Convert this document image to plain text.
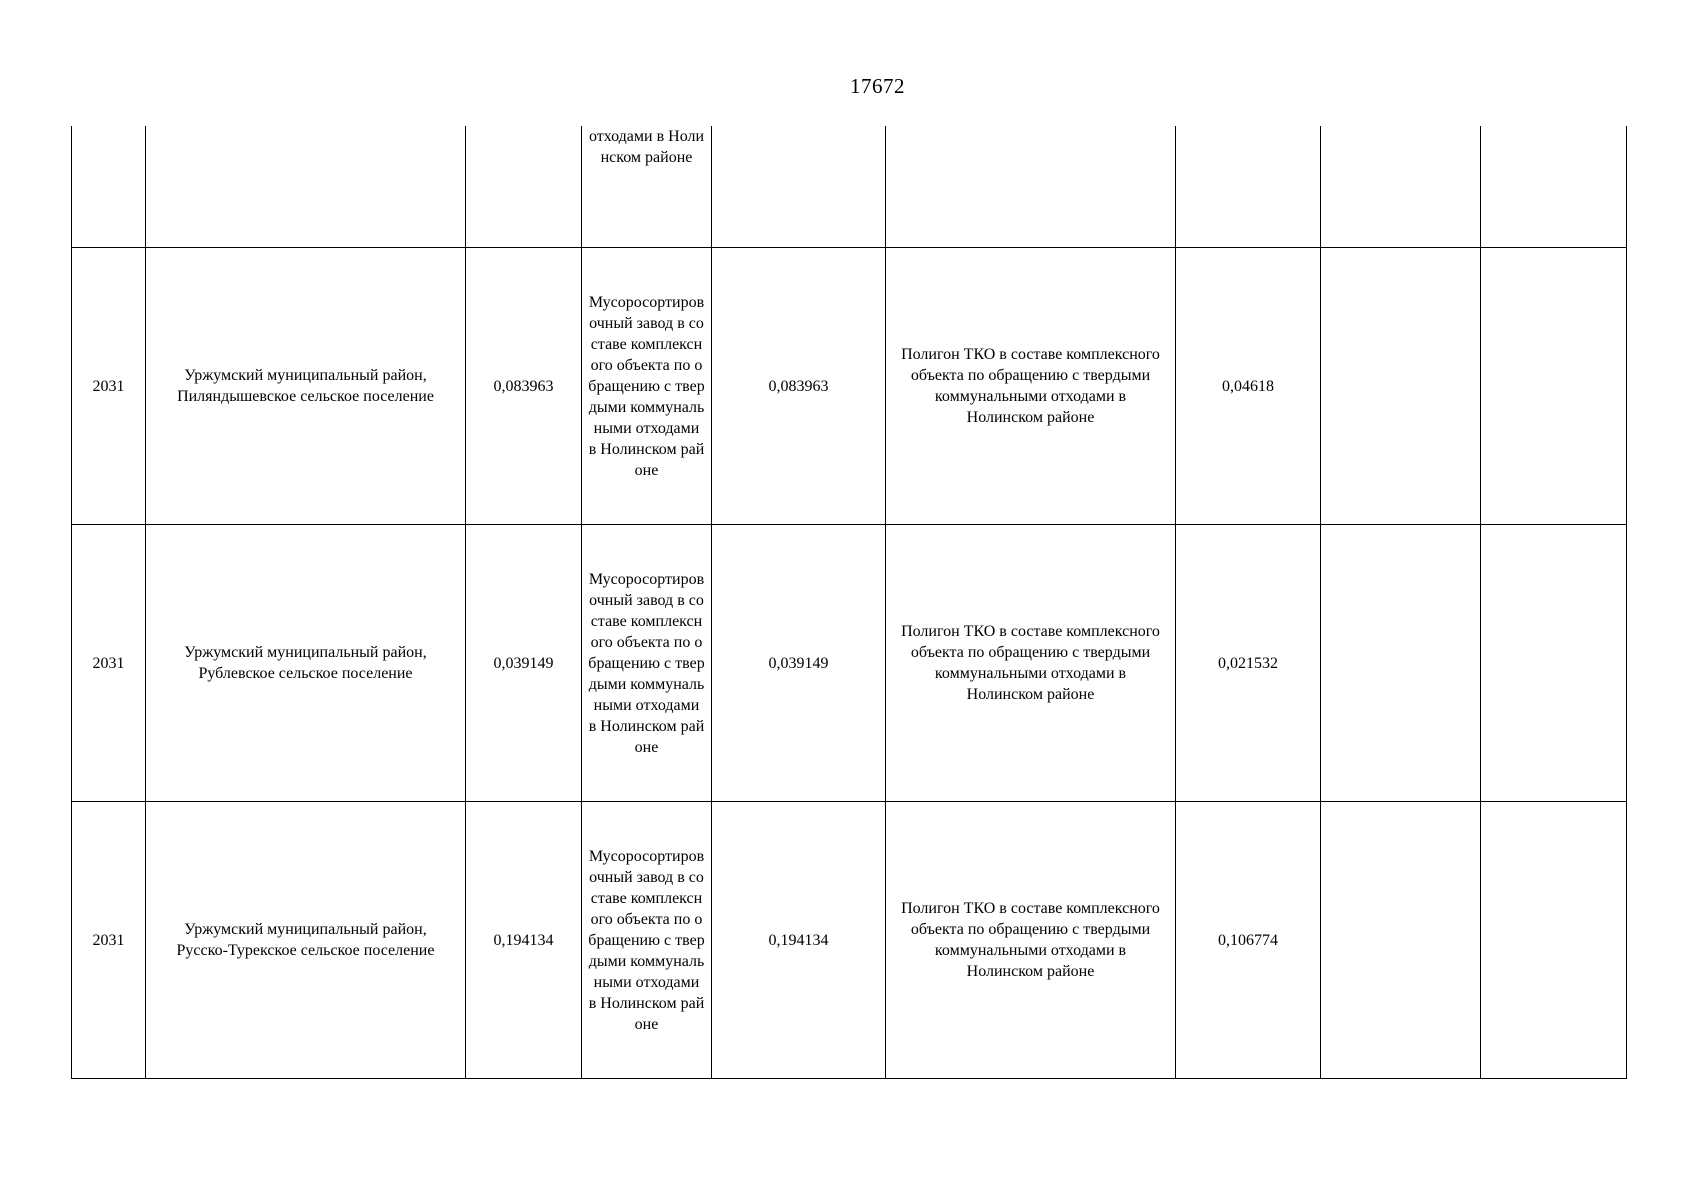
17672

			отходами в Нолинском районе					

2031	Уржумский муниципальный район, Пиляндышевское сельское поселение	0,083963	Мусоросортировочный завод в составе комплексного объекта по обращению с твердыми коммунальными отходами в Нолинском районе	0,083963	Полигон ТКО в составе комплексного объекта по обращению с твердыми коммунальными отходами в Нолинском районе	0,04618		
2031	Уржумский муниципальный район, Рублевское сельское поселение	0,039149	Мусоросортировочный завод в составе комплексного объекта по обращению с твердыми коммунальными отходами в Нолинском районе	0,039149	Полигон ТКО в составе комплексного объекта по обращению с твердыми коммунальными отходами в Нолинском районе	0,021532		
2031	Уржумский муниципальный район, Русско-Турекское сельское поселение	0,194134	Мусоросортировочный завод в составе комплексного объекта по обращению с твердыми коммунальными отходами в Нолинском районе	0,194134	Полигон ТКО в составе комплексного объекта по обращению с твердыми коммунальными отходами в Нолинском районе	0,106774		
